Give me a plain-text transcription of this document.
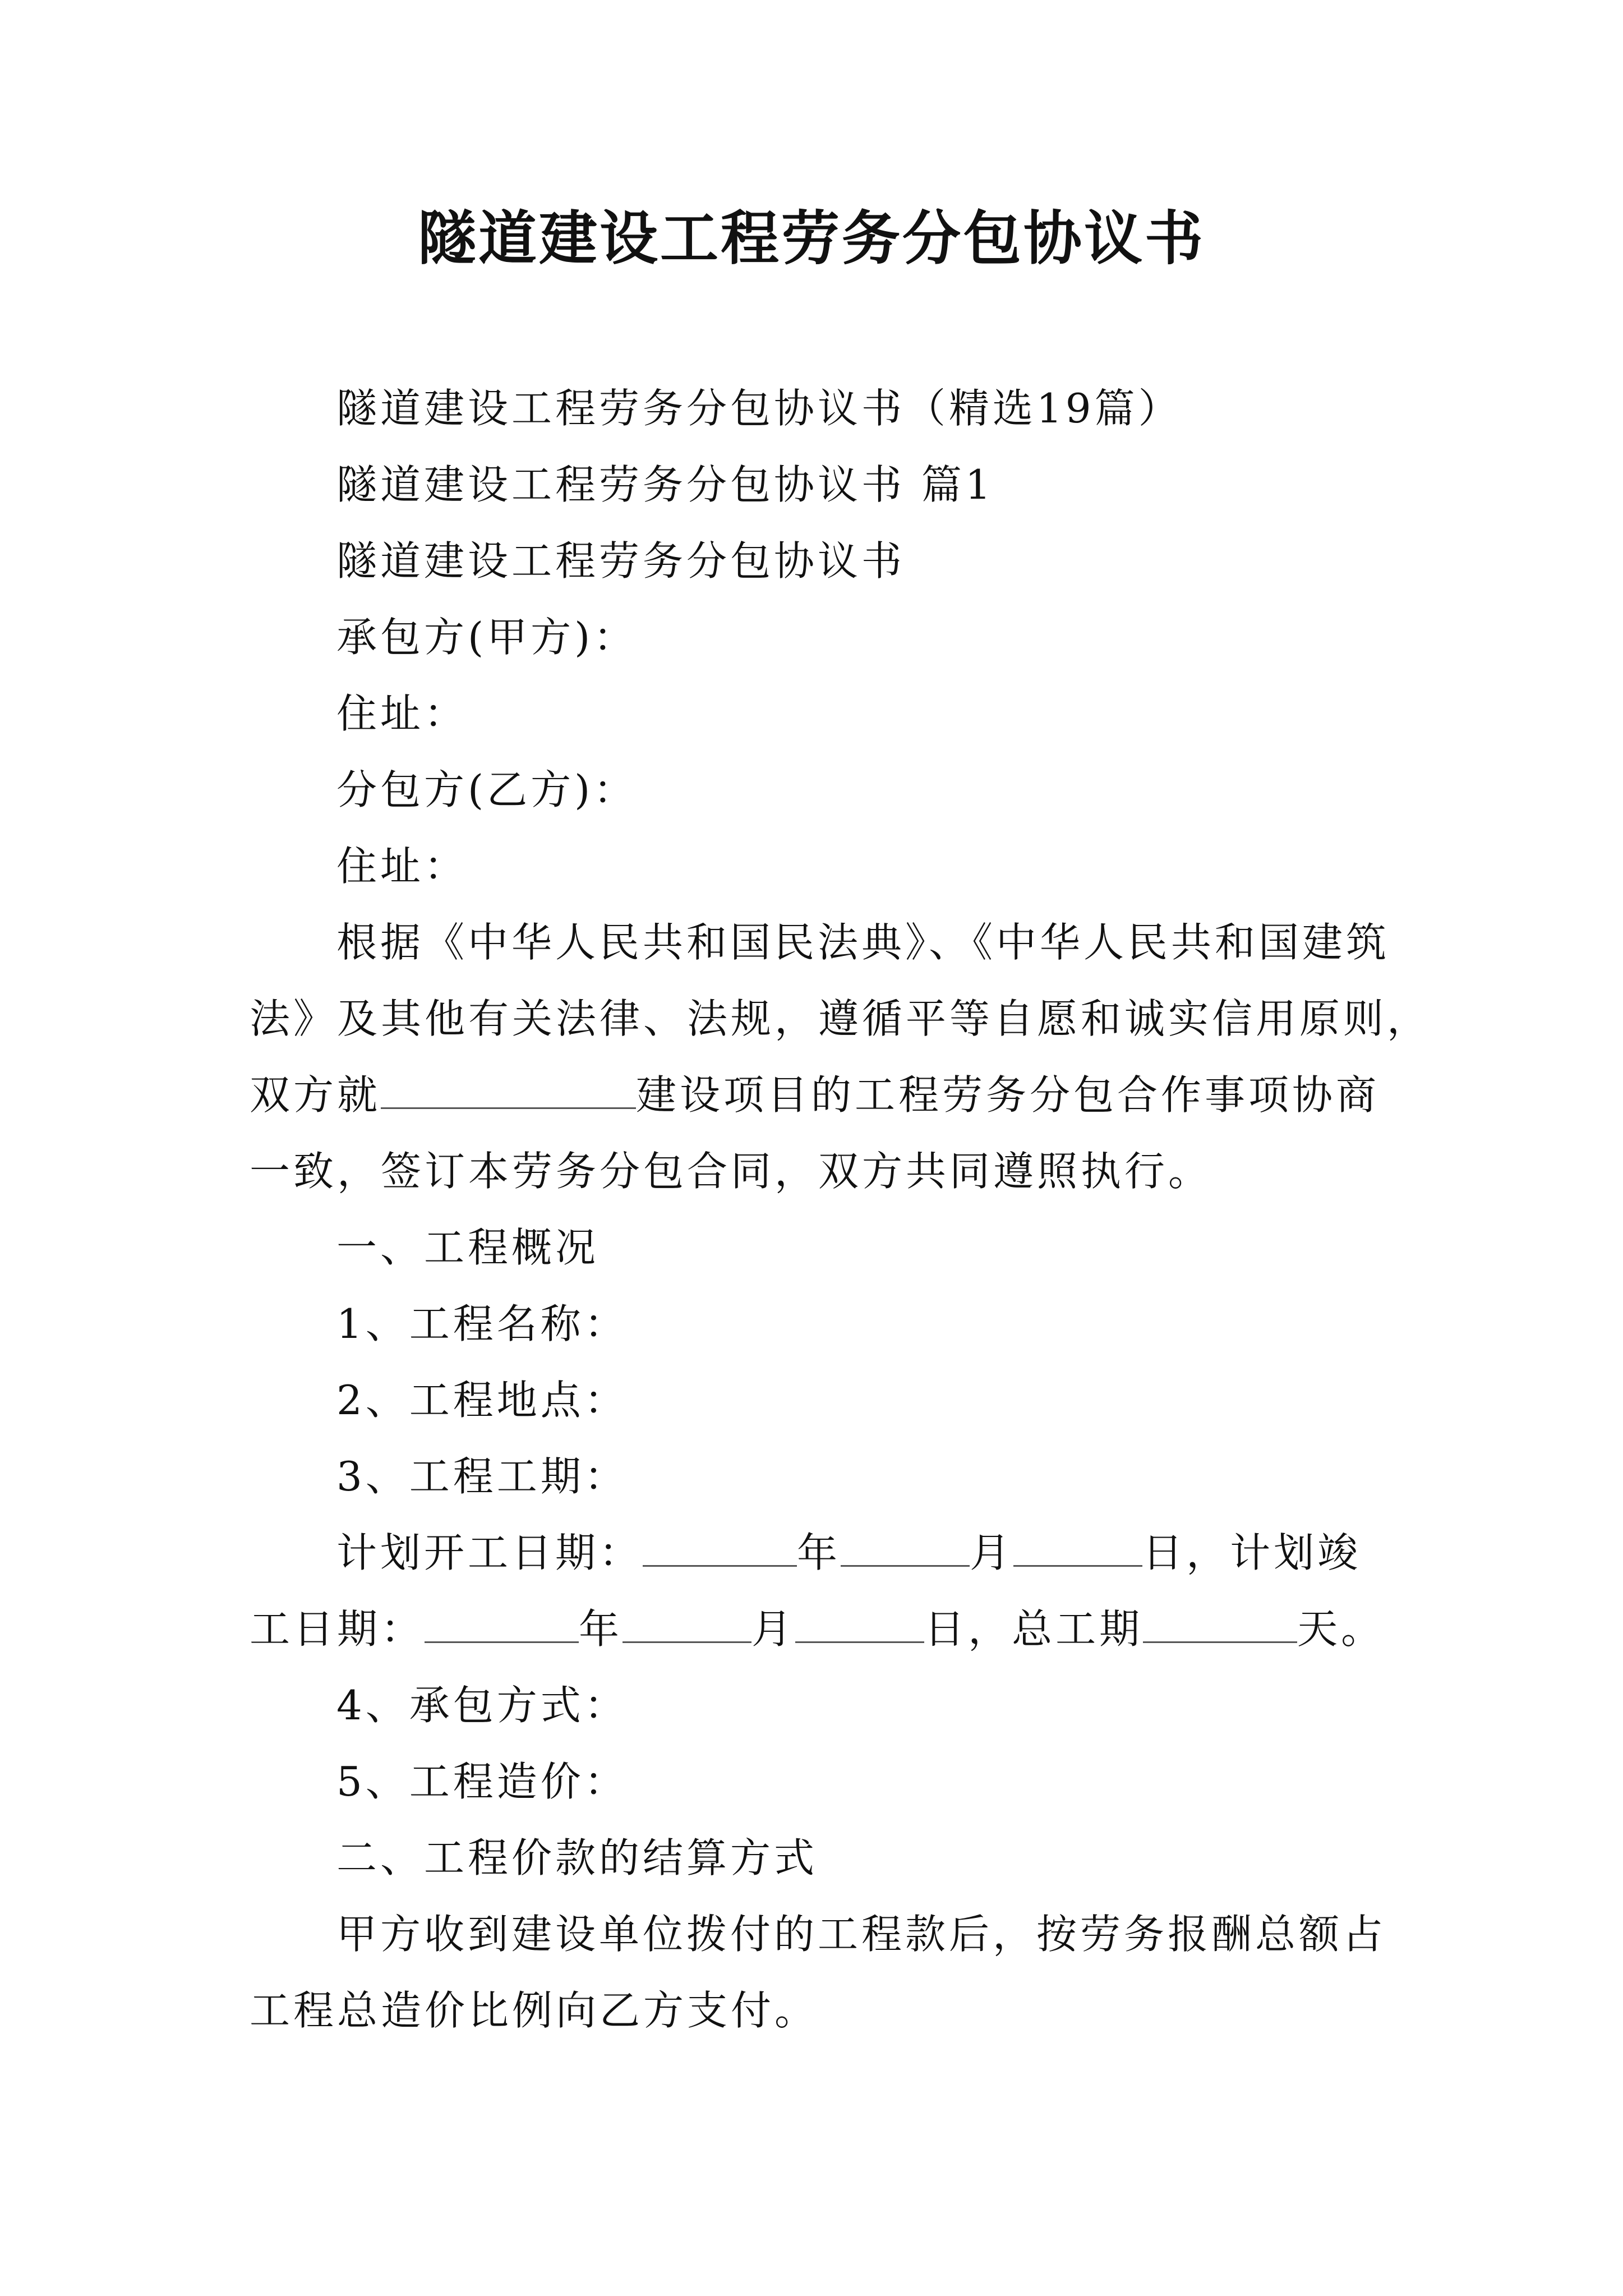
隧道建设工程劳务分包协议书
隧道建设工程劳务分包协议书（精选19篇）
隧道建设工程劳务分包协议书 篇1
隧道建设工程劳务分包协议书
承包方(甲方)：
住址：
分包方(乙方)：
住址：
根据《中华人民共和国民法典》、《中华人民共和国建筑
法》及其他有关法律、法规，遵循平等自愿和诚实信用原则，
双方就	建设项目的工程劳务分包合作事项协商
一致，签订本劳务分包合同，双方共同遵照执行。
一、工程概况
1、工程名称：
2、工程地点：
3、工程工期：
计划开工日期：	年	月	日，计划竣
工日期：	年	月	日，总工期	天。
4、承包方式：
5、工程造价：
二、工程价款的结算方式
甲方收到建设单位拨付的工程款后，按劳务报酬总额占
工程总造价比例向乙方支付。
